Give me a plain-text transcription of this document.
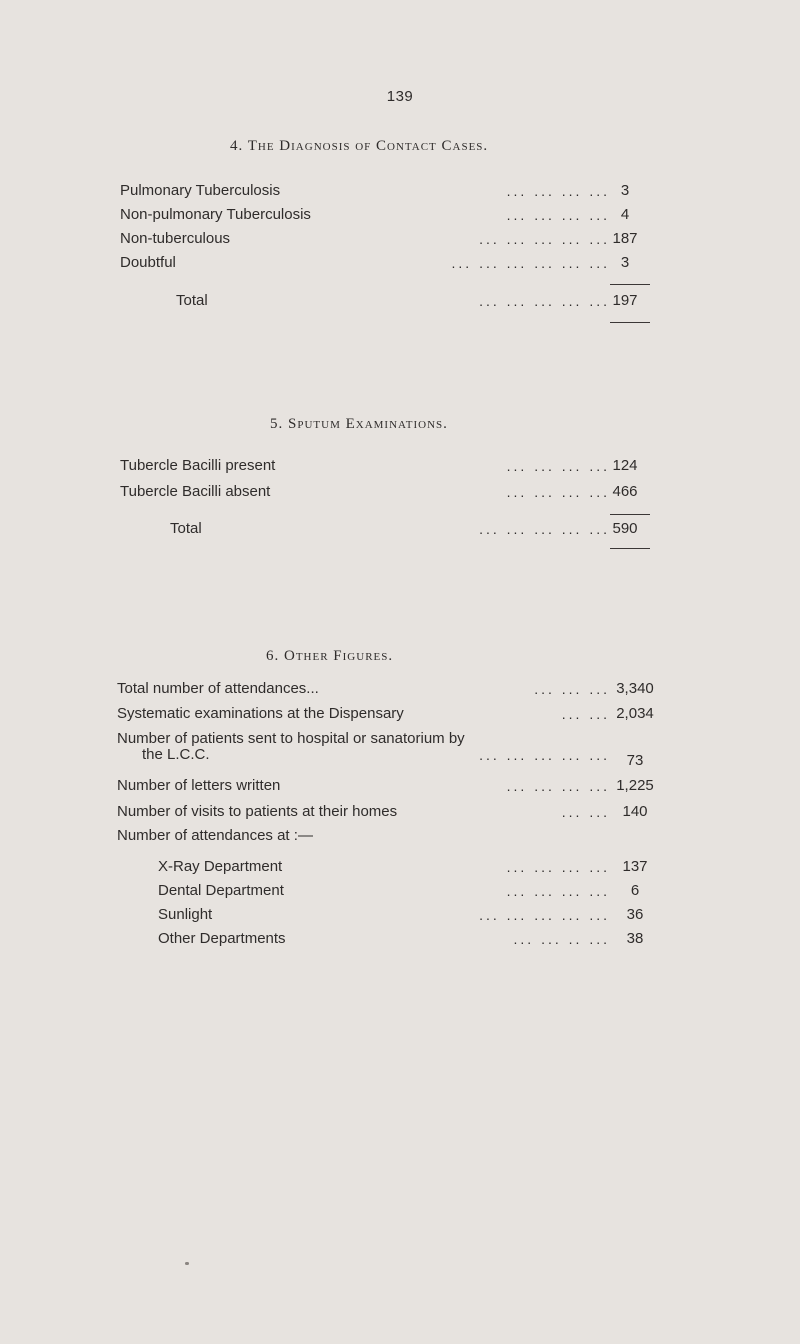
139
4. The Diagnosis of Contact Cases.
Pulmonary Tuberculosis	... ... ... ... 3
Non-pulmonary Tuberculosis	... ... ... ... 4
Non-tuberculous	... ... ... ... ... 187
Doubtful	... ... ... ... ... ... 3
Total	... ... ... ... ... 197
5. Sputum Examinations.
Tubercle Bacilli present	... ... ... ... 124
Tubercle Bacilli absent	... ... ... ... 466
Total	... ... ... ... ... 590
6. Other Figures.
Total number of attendances...	... ... ... 3,340
Systematic examinations at the Dispensary	... ... 2,034
Number of patients sent to hospital or sanatorium by
the L.C.C.	... ... ... ... ...	73
Number of letters written	... ... ... ... 1,225
Number of visits to patients at their homes	... ... 140
Number of attendances at :—
X-Ray Department	... ... ... ... 137
Dental Department	... ... ... ...	6
Sunlight	... ... ... ... ...	36
Other Departments	... ... .. ...	38
